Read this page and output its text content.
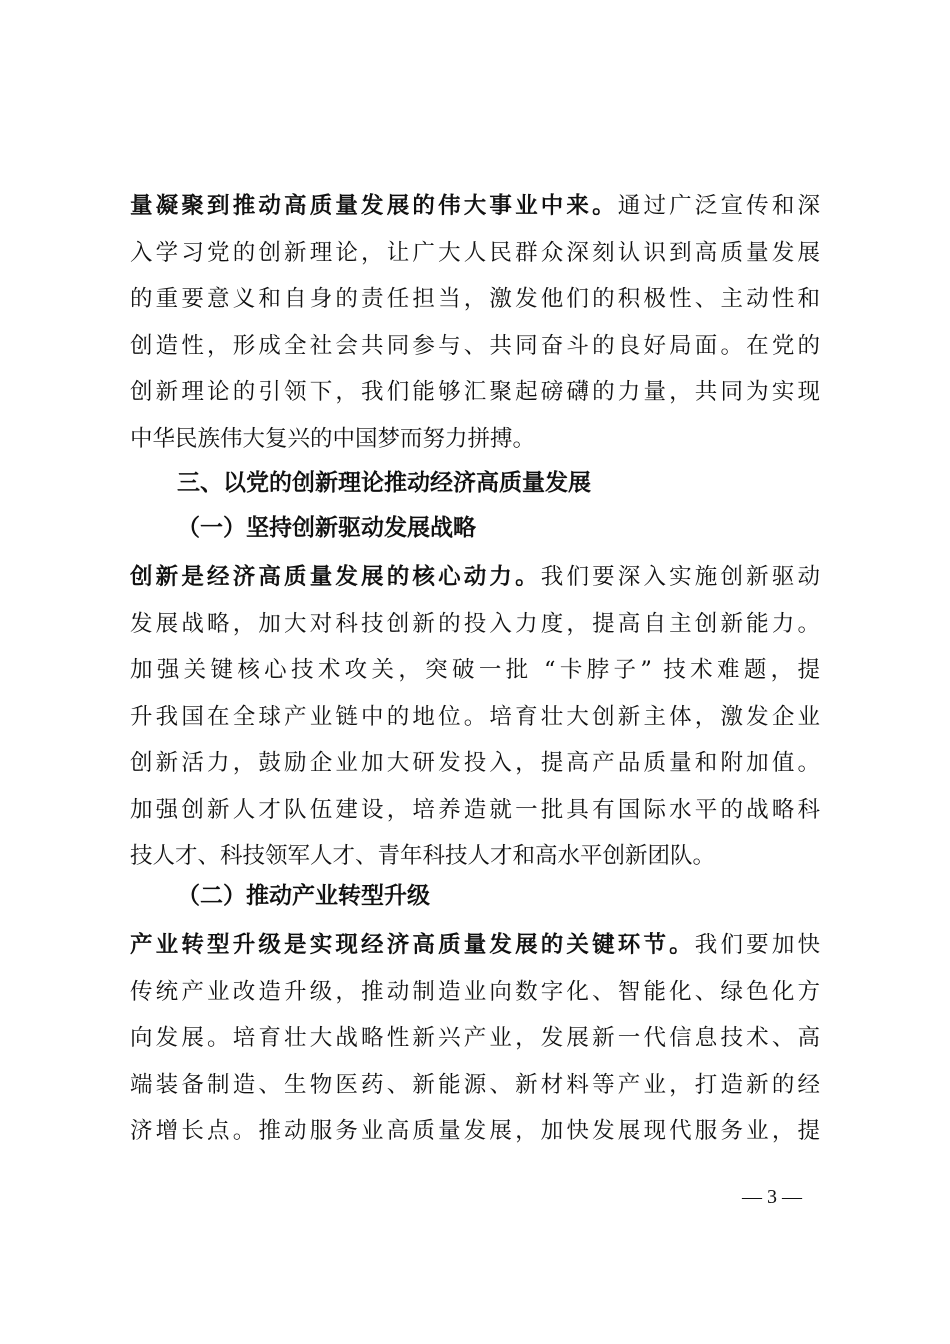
量凝聚到推动高质量发展的伟大事业中来。通过广泛宣传和深
入学习党的创新理论，让广大人民群众深刻认识到高质量发展
的重要意义和自身的责任担当，激发他们的积极性、主动性和
创造性，形成全社会共同参与、共同奋斗的良好局面。在党的
创新理论的引领下，我们能够汇聚起磅礴的力量，共同为实现
中华民族伟大复兴的中国梦而努力拼搏。
三、以党的创新理论推动经济高质量发展
（一）坚持创新驱动发展战略
创新是经济高质量发展的核心动力。我们要深入实施创新驱动
发展战略，加大对科技创新的投入力度，提高自主创新能力。
加强关键核心技术攻关，突破一批 “卡脖子” 技术难题，提
升我国在全球产业链中的地位。培育壮大创新主体，激发企业
创新活力，鼓励企业加大研发投入，提高产品质量和附加值。
加强创新人才队伍建设，培养造就一批具有国际水平的战略科
技人才、科技领军人才、青年科技人才和高水平创新团队。
（二）推动产业转型升级
产业转型升级是实现经济高质量发展的关键环节。我们要加快
传统产业改造升级，推动制造业向数字化、智能化、绿色化方
向发展。培育壮大战略性新兴产业，发展新一代信息技术、高
端装备制造、生物医药、新能源、新材料等产业，打造新的经
济增长点。推动服务业高质量发展，加快发展现代服务业，提
— 3 —
